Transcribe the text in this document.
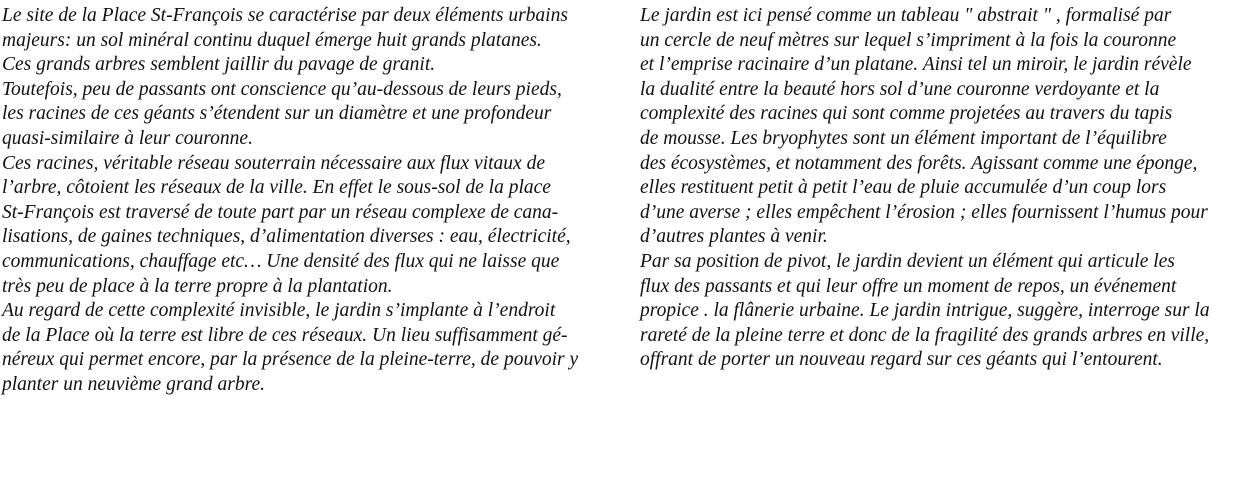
Le site de la Place St-François se caractérise par deux éléments urbains
majeurs: un sol minéral continu duquel émerge huit grands platanes.
Ces grands arbres semblent jaillir du pavage de granit.
Toutefois, peu de passants ont conscience qu’au-dessous de leurs pieds,
les racines de ces géants s’étendent sur un diamètre et une profondeur
quasi-similaire à leur couronne.
Ces racines, véritable réseau souterrain nécessaire aux flux vitaux de
l’arbre, côtoient les réseaux de la ville. En effet le sous-sol de la place
St-François est traversé de toute part par un réseau complexe de cana-
lisations, de gaines techniques, d’alimentation diverses : eau, électricité,
communications, chauffage etc… Une densité des flux qui ne laisse que
très peu de place à la terre propre à la plantation.
Au regard de cette complexité invisible, le jardin s’implante à l’endroit
de la Place où la terre est libre de ces réseaux. Un lieu suffisamment gé-
néreux qui permet encore, par la présence de la pleine-terre, de pouvoir y
planter un neuvième grand arbre.
Le jardin est ici pensé comme un tableau " abstrait " , formalisé par
un cercle de neuf mètres sur lequel s’impriment à la fois la couronne
et l’emprise racinaire d’un platane. Ainsi tel un miroir, le jardin révèle
la dualité entre la beauté hors sol d’une couronne verdoyante et la
complexité des racines qui sont comme projetées au travers du tapis
de mousse. Les bryophytes sont un élément important de l’équilibre
des écosystèmes, et notamment des forêts. Agissant comme une éponge,
elles restituent petit à petit l’eau de pluie accumulée d’un coup lors
d’une averse ; elles empêchent l’érosion ; elles fournissent l’humus pour
d’autres plantes à venir.
Par sa position de pivot, le jardin devient un élément qui articule les
flux des passants et qui leur offre un moment de repos, un événement
propice . la flânerie urbaine. Le jardin intrigue, suggère, interroge sur la
rareté de la pleine terre et donc de la fragilité des grands arbres en ville,
offrant de porter un nouveau regard sur ces géants qui l’entourent.
